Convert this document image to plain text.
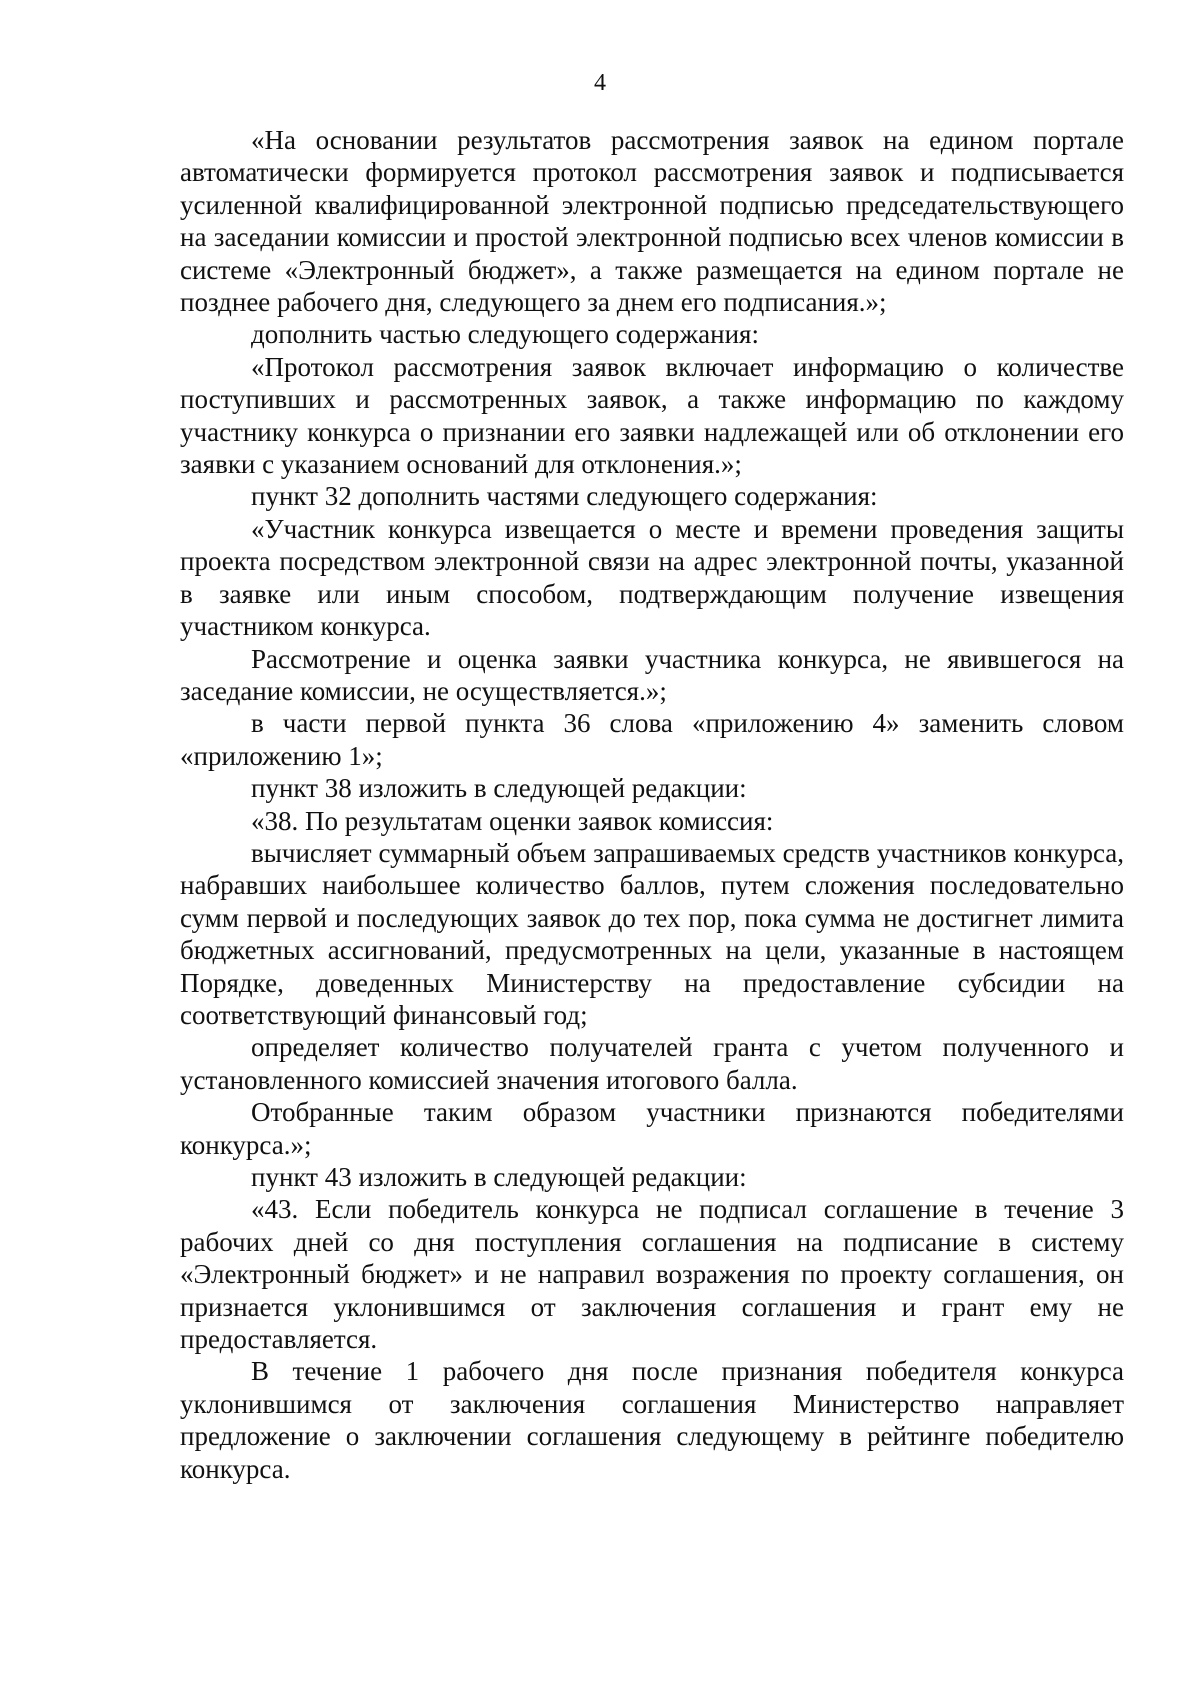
4

«На основании результатов рассмотрения заявок на едином портале автоматически формируется протокол рассмотрения заявок и подписывается усиленной квалифицированной электронной подписью председательствующего на заседании комиссии и простой электронной подписью всех членов комиссии в системе «Электронный бюджет», а также размещается на едином портале не позднее рабочего дня, следующего за днем его подписания.»;

дополнить частью следующего содержания:

«Протокол рассмотрения заявок включает информацию о количестве поступивших и рассмотренных заявок, а также информацию по каждому участнику конкурса о признании его заявки надлежащей или об отклонении его заявки с указанием оснований для отклонения.»;

пункт 32 дополнить частями следующего содержания:

«Участник конкурса извещается о месте и времени проведения защиты проекта посредством электронной связи на адрес электронной почты, указанной в заявке или иным способом, подтверждающим получение извещения участником конкурса.

Рассмотрение и оценка заявки участника конкурса, не явившегося на заседание комиссии, не осуществляется.»;

в части первой пункта 36 слова «приложению 4» заменить словом «приложению 1»;

пункт 38 изложить в следующей редакции:

«38. По результатам оценки заявок комиссия:

вычисляет суммарный объем запрашиваемых средств участников конкурса, набравших наибольшее количество баллов, путем сложения последовательно сумм первой и последующих заявок до тех пор, пока сумма не достигнет лимита бюджетных ассигнований, предусмотренных на цели, указанные в настоящем Порядке, доведенных Министерству на предоставление субсидии на соответствующий финансовый год;

определяет количество получателей гранта с учетом полученного и установленного комиссией значения итогового балла.

Отобранные таким образом участники признаются победителями конкурса.»;

пункт 43 изложить в следующей редакции:

«43. Если победитель конкурса не подписал соглашение в течение 3 рабочих дней со дня поступления соглашения на подписание в систему «Электронный бюджет» и не направил возражения по проекту соглашения, он признается уклонившимся от заключения соглашения и грант ему не предоставляется.

В течение 1 рабочего дня после признания победителя конкурса уклонившимся от заключения соглашения Министерство направляет предложение о заключении соглашения следующему в рейтинге победителю конкурса.
